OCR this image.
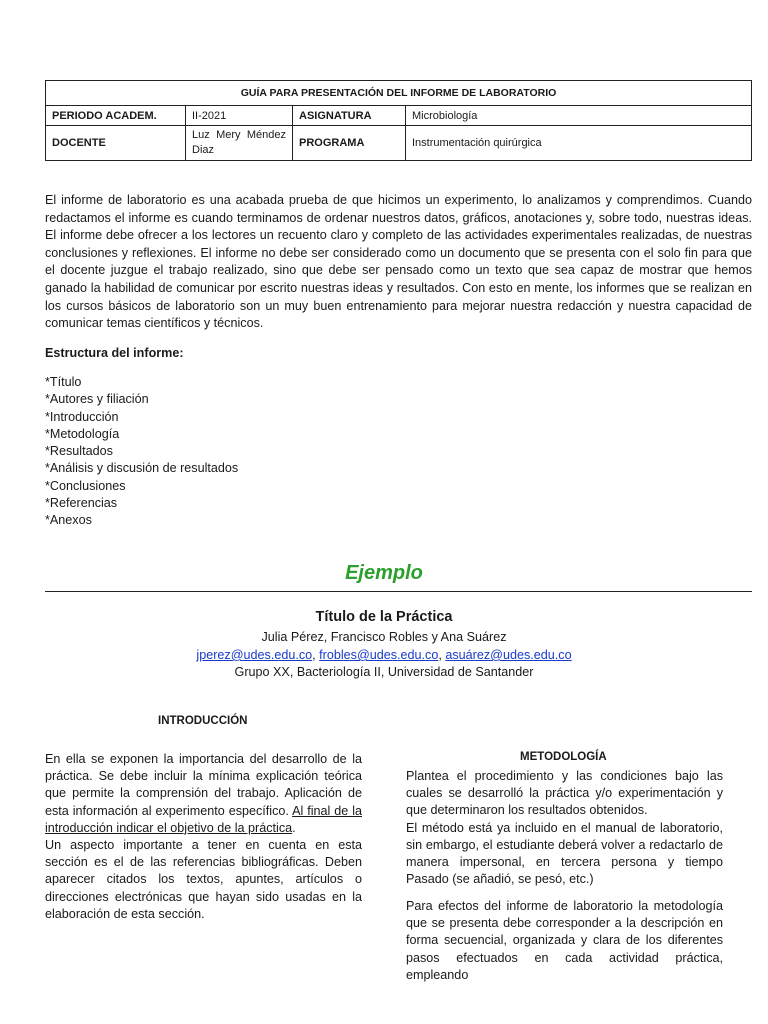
GUÍA PARA PRESENTACIÓN DEL INFORME DE LABORATORIO			
PERIODO ACADEM.	II-2021	ASIGNATURA	Microbiología
DOCENTE	Luz Mery Méndez Diaz	PROGRAMA	Instrumentación quirúrgica

El informe de laboratorio es una acabada prueba de que hicimos un experimento, lo analizamos y comprendimos. Cuando redactamos el informe es cuando terminamos de ordenar nuestros datos, gráficos, anotaciones y, sobre todo, nuestras ideas. El informe debe ofrecer a los lectores un recuento claro y completo de las actividades experimentales realizadas, de nuestras conclusiones y reflexiones. El informe no debe ser considerado como un documento que se presenta con el solo fin para que el docente juzgue el trabajo realizado, sino que debe ser pensado como un texto que sea capaz de mostrar que hemos ganado la habilidad de comunicar por escrito nuestras ideas y resultados. Con esto en mente, los informes que se realizan en los cursos básicos de laboratorio son un muy buen entrenamiento para mejorar nuestra redacción y nuestra capacidad de comunicar temas científicos y técnicos.

Estructura del informe:

*Título
*Autores y filiación
*Introducción
*Metodología
*Resultados
*Análisis y discusión de resultados
*Conclusiones
*Referencias
*Anexos

Ejemplo

Título de la Práctica

Julia Pérez, Francisco Robles y Ana Suárez

jperez@udes.edu.co, frobles@udes.edu.co, asuárez@udes.edu.co

Grupo XX, Bacteriología II, Universidad de Santander

INTRODUCCIÓN

En ella se exponen la importancia del desarrollo de la práctica. Se debe incluir la mínima explicación teórica que permite la comprensión del trabajo. Aplicación de esta información al experimento específico. Al final de la introducción indicar el objetivo de la práctica.
Un aspecto importante a tener en cuenta en esta sección es el de las referencias bibliográficas. Deben aparecer citados los textos, apuntes, artículos o direcciones electrónicas que hayan sido usadas en la elaboración de esta sección.

METODOLOGÍA

Plantea el procedimiento y las condiciones bajo las cuales se desarrolló la práctica y/o experimentación y que determinaron los resultados obtenidos.
El método está ya incluido en el manual de laboratorio, sin embargo, el estudiante deberá volver a redactarlo de manera impersonal, en tercera persona y tiempo Pasado (se añadió, se pesó, etc.)

Para efectos del informe de laboratorio la metodología que se presenta debe corresponder a la descripción en forma secuencial, organizada y clara de los diferentes pasos efectuados en cada actividad práctica, empleando
